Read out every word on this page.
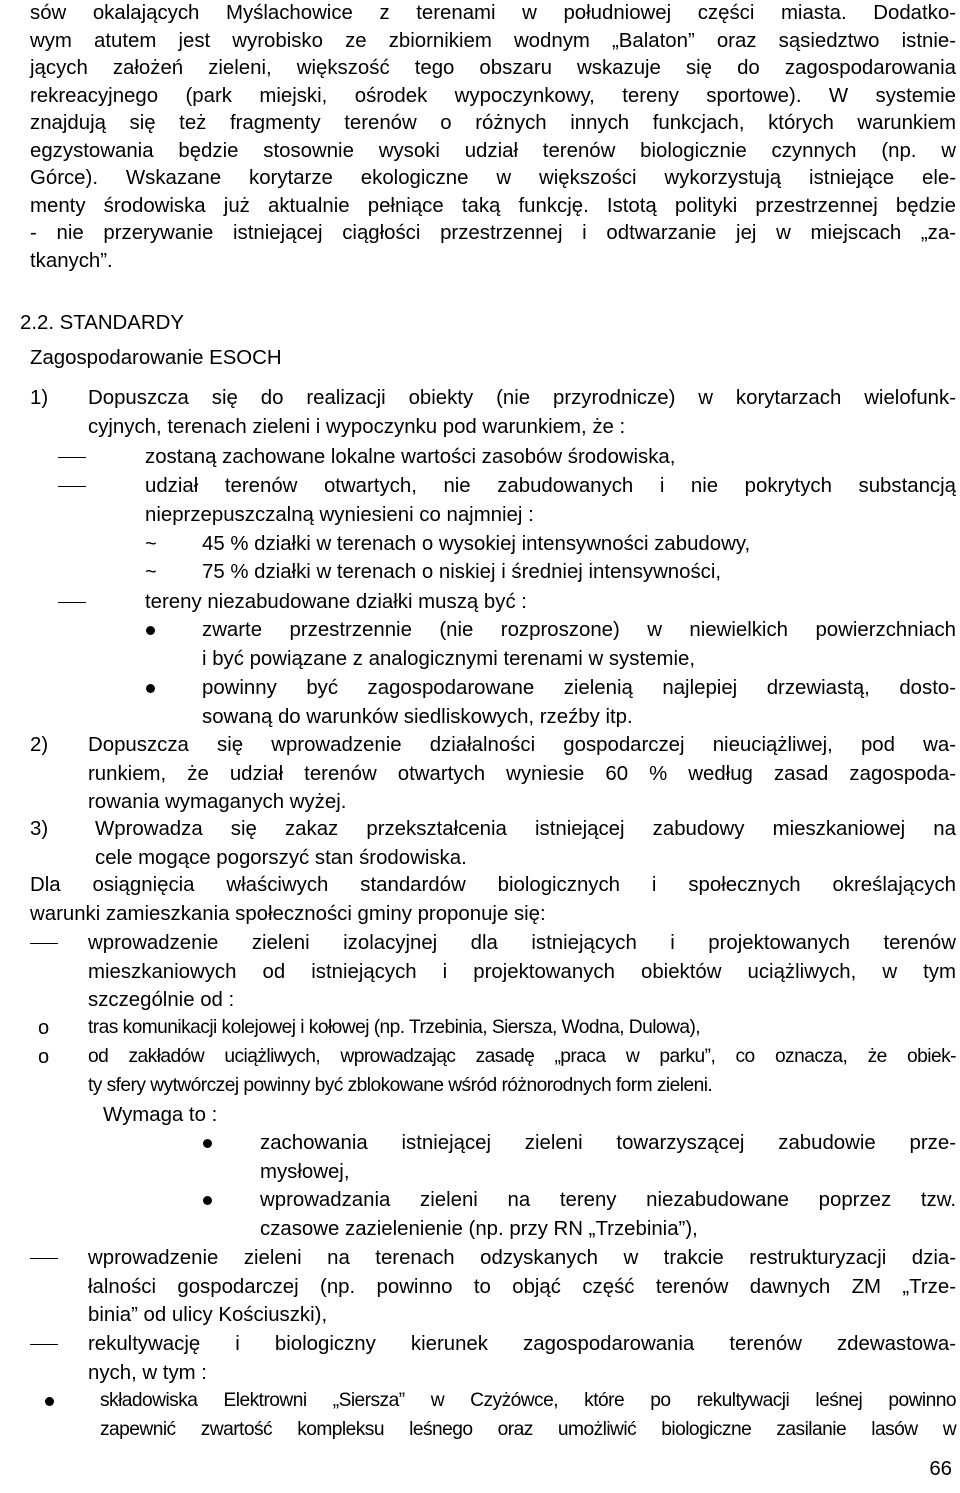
sów okalających Myślachowice z terenami w południowej części miasta. Dodatko-
wym atutem jest wyrobisko ze zbiornikiem wodnym „Balaton” oraz sąsiedztwo istnie-
jących założeń zieleni, większość tego obszaru wskazuje się do zagospodarowania
rekreacyjnego (park miejski, ośrodek wypoczynkowy, tereny sportowe). W systemie
znajdują się też fragmenty terenów o różnych innych funkcjach, których warunkiem
egzystowania będzie stosownie wysoki udział terenów biologicznie czynnych (np. w
Górce). Wskazane korytarze ekologiczne w większości wykorzystują istniejące ele-
menty środowiska już aktualnie pełniące taką funkcję. Istotą polityki przestrzennej będzie
- nie przerywanie istniejącej ciągłości przestrzennej i odtwarzanie jej w miejscach „za-
tkanych”.
2.2. STANDARDY
Zagospodarowanie ESOCH
1) Dopuszcza się do realizacji obiekty (nie przyrodnicze) w korytarzach wielofunk-
cyjnych, terenach zieleni i wypoczynku pod warunkiem, że :
zostaną zachowane lokalne wartości zasobów środowiska,
udział terenów otwartych, nie zabudowanych i nie pokrytych substancją
nieprzepuszczalną wyniesieni co najmniej :
~ 45 % działki w terenach o wysokiej intensywności zabudowy,
~ 75 % działki w terenach o niskiej i średniej intensywności,
tereny niezabudowane działki muszą być :
zwarte przestrzennie (nie rozproszone) w niewielkich powierzchniach
i być powiązane z analogicznymi terenami w systemie,
powinny być zagospodarowane zielenią najlepiej drzewiastą, dosto-
sowaną do warunków siedliskowych, rzeźby itp.
2) Dopuszcza się wprowadzenie działalności gospodarczej nieuciążliwej, pod wa-
runkiem, że udział terenów otwartych wyniesie 60 % według zasad zagospoda-
rowania wymaganych wyżej.
3) Wprowadza się zakaz przekształcenia istniejącej zabudowy mieszkaniowej na
cele mogące pogorszyć stan środowiska.
Dla osiągnięcia właściwych standardów biologicznych i społecznych określających
warunki zamieszkania społeczności gminy proponuje się:
wprowadzenie zieleni izolacyjnej dla istniejących i projektowanych terenów
mieszkaniowych od istniejących i projektowanych obiektów uciążliwych, w tym
szczególnie od :
o tras komunikacji kolejowej i kołowej (np. Trzebinia, Siersza, Wodna, Dulowa),
o od zakładów uciążliwych, wprowadzając zasadę „praca w parku”, co oznacza, że obiek-
ty sfery wytwórczej powinny być zblokowane wśród różnorodnych form zieleni.
Wymaga to :
zachowania istniejącej zieleni towarzyszącej zabudowie prze-
mysłowej,
wprowadzania zieleni na tereny niezabudowane poprzez tzw.
czasowe zazielenienie (np. przy RN „Trzebinia”),
wprowadzenie zieleni na terenach odzyskanych w trakcie restrukturyzacji dzia-
łalności gospodarczej (np. powinno to objąć część terenów dawnych ZM „Trze-
binia” od ulicy Kościuszki),
rekultywację i biologiczny kierunek zagospodarowania terenów zdewastowa-
nych, w tym :
składowiska Elektrowni „Siersza” w Czyżówce, które po rekultywacji leśnej powinno
zapewnić zwartość kompleksu leśnego oraz umożliwić biologiczne zasilanie lasów w
66
